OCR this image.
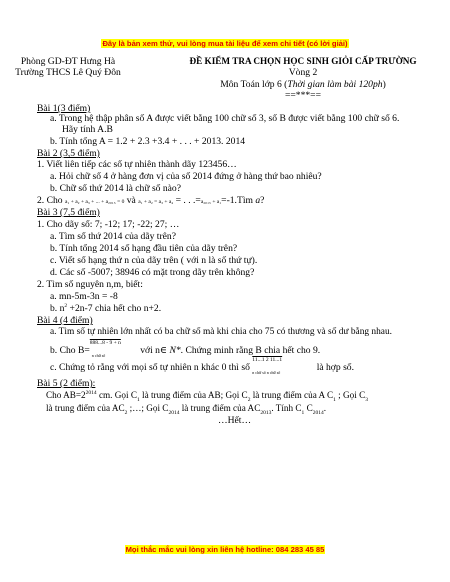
Đây là bản xem thử, vui lòng mua tài liệu để xem chi tiết (có lời giải)
Phòng GD-ĐT Hưng Hà
Trường THCS Lê Quý Đôn
ĐỀ KIỂM TRA CHỌN HỌC SINH GIỎI CẤP TRƯỜNG
Vòng 2
Môn Toán lớp 6 (Thời gian làm bài 120ph)
==***==
Bài 1(3 điểm)
a. Trong hệ thập phân số A được viết bằng 100 chữ số 3, số B được viết bằng 100 chữ số 6.
Hãy tính A.B
b. Tính tổng A = 1.2 + 2.3 +3.4 + . . . + 2013. 2014
Bài 2 (3,5 điểm)
1. Viết liên tiếp các số tự nhiên thành dãy 123456…
a. Hỏi chữ số 4 ở hàng đơn vị của số 2014 đứng ở hàng thứ bao nhiêu?
b. Chữ số thứ 2014 là chữ số nào?
2. Cho a₁ + a₂ + a₃ + ... + a₂₀₁₅ = 0 và a₁ + a₂ = a₃ + a₄ = . . .=a₂₀₁₅ + a₁=-1.Tìm a?
Bài 3 (7,5 điểm)
1. Cho dãy số: 7; -12; 17; -22; 27; …
a. Tìm số thứ 2014 của dãy trên?
b. Tính tổng 2014 số hạng đầu tiên của dãy trên?
c. Viết số hạng thứ n của dãy trên ( với n là số thứ tự).
d. Các số -5007; 38946 có mặt trong dãy trên không?
2. Tìm số nguyên n,m, biết:
a. mn-5m-3n = -8
b. $n^2 +2n-7$ chia hết cho n+2.
Bài 4 (4 điểm)
a. Tìm số tự nhiên lớn nhất có ba chữ số mà khi chia cho 75 có thương và số dư bằng nhau.
b. Cho B=
888...8 - 9 + n
n chữ số	với n∈ N*. Chứng minh rằng B chia hết cho 9.
c. Chứng tỏ rằng với mọi số tự nhiên n khác 0 thì số
11...1 2 11...1
n chữ số n chữ số	là hợp số.
Bài 5 (2 điểm):
Cho $AB=2^{2014}$ cm. Gọi $C_1$ là trung điểm của AB; Gọi $C_2$ là trung điểm của A $C_1$ ; Gọi $C_3$
là trung điểm của $AC_2$ ;…; Gọi $C_{2014}$ là trung điểm của $AC_{2013}$. Tính $C_1$ $C_{2014}$.
…Hết…
Mọi thắc mắc vui lòng xin liên hệ hotline: 084 283 45 85
